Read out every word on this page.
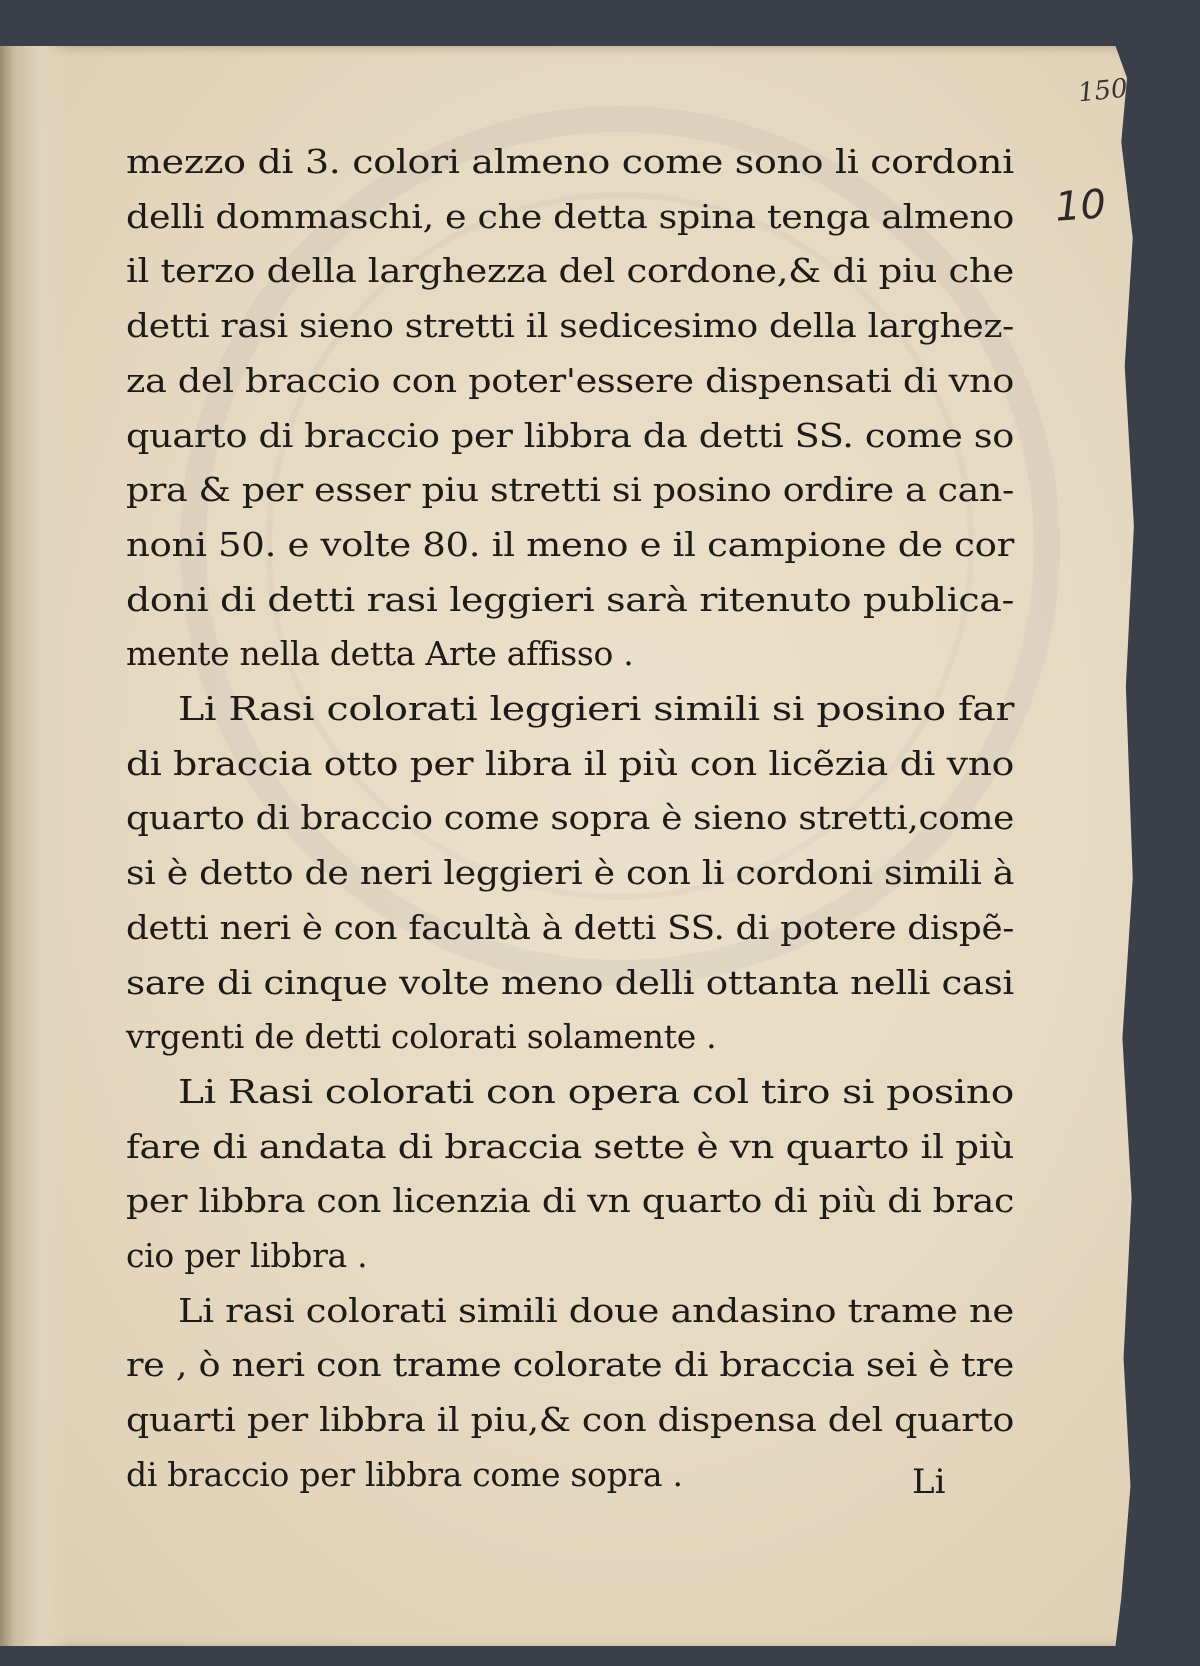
150
10
mezzo di 3. colori almeno come sono li cordoni
delli dommaschi, e che detta spina tenga almeno
il terzo della larghezza del cordone,& di piu che
detti rasi sieno stretti il sedicesimo della larghez-
za del braccio con poter'essere dispensati di vno
quarto di braccio per libbra da detti SS. come so
pra & per esser piu stretti si posino ordire a can-
noni 50. e volte 80. il meno e il campione de cor
doni di detti rasi leggieri sarà ritenuto publica-
mente nella detta Arte affisso .
Li Rasi colorati leggieri simili si posino far
di braccia otto per libra il più con licẽzia di vno
quarto di braccio come sopra è sieno stretti,come
si è detto de neri leggieri è con li cordoni simili à
detti neri è con facultà à detti SS. di potere dispẽ-
sare di cinque volte meno delli ottanta nelli casi
vrgenti de detti colorati solamente .
Li Rasi colorati con opera col tiro si posino
fare di andata di braccia sette è vn quarto il più
per libbra con licenzia di vn quarto di più di brac
cio per libbra .
Li rasi colorati simili doue andasino trame ne
re , ò neri con trame colorate di braccia sei è tre
quarti per libbra il piu,& con dispensa del quarto
di braccio per libbra come sopra .	Li
